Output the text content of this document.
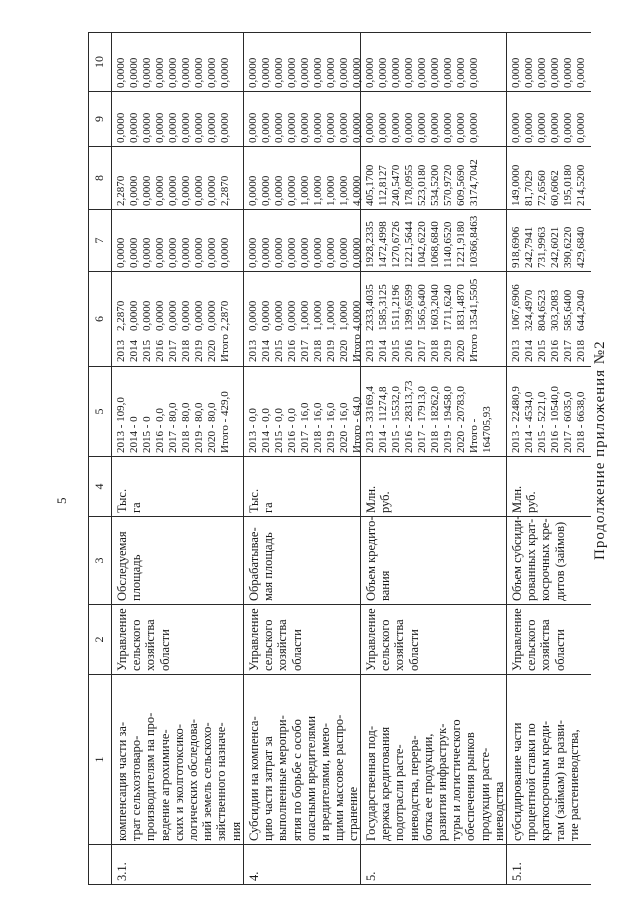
5
1
2
3
4
5
6
7
8
9
10
3.1.
компенсация части за- трат сельхозтоваро- производителям на про- ведение агрохимиче- ских и эколготоксико- логических обследова- ний земель сельскохо- зяйственного назначе- ния
Управление сельского хозяйства области
Обследуемая площадь
Тыс. га
2013 - 109,0 2014 - 0 2015 - 0 2016 - 0,0 2017 - 80,0 2018 - 80,0 2019 - 80,0 2020 - 80,0 Итого - 429,0
2013 2014 2015 2016 2017 2018 2019 2020 Итого
2,2870 0,0000 0,0000 0,0000 0,0000 0,0000 0,0000 0,0000 2,2870
0,0000 0,0000 0,0000 0,0000 0,0000 0,0000 0,0000 0,0000 0,0000
2,2870 0,0000 0,0000 0,0000 0,0000 0,0000 0,0000 0,0000 2,2870
0,0000 0,0000 0,0000 0,0000 0,0000 0,0000 0,0000 0,0000 0,0000
0,0000 0,0000 0,0000 0,0000 0,0000 0,0000 0,0000 0,0000 0,0000
4.
Субсидии на компенса- цию части затрат за выполненные меропри- ятия по борьбе с особо опасными вредителями и вредителями, имею- щими массовое распро- странение
Управление сельского хозяйства области
Обрабатывае- мая площадь
Тыс. га
2013 - 0,0 2014 - 0,0 2015 - 0,0 2016 - 0,0 2017 - 16,0 2018 - 16,0 2019 - 16,0 2020 - 16,0 Итого - 64,0
2013 2014 2015 2016 2017 2018 2019 2020 Итого
0,0000 0,0000 0,0000 0,0000 1,0000 1,0000 1,0000 1,0000 4,0000
0,0000 0,0000 0,0000 0,0000 0,0000 0,0000 0,0000 0,0000 0,0000
0,0000 0,0000 0,0000 0,0000 1,0000 1,0000 1,0000 1,0000 4,0000
0,0000 0,0000 0,0000 0,0000 0,0000 0,0000 0,0000 0,0000 0,0000
0,0000 0,0000 0,0000 0,0000 0,0000 0,0000 0,0000 0,0000 0,0000
5.
Государственная под- держка кредитования подотрасли расте- ниеводства, перера- ботка ее продукции, развития инфраструк- туры и логистического обеспечения рынков продукции расте- ниеводства
Управление сельского хозяйства области
Объем кредито- вания
Млн. руб.
2013 - 33169,4 2014 - 11274,8 2015 - 15532,0 2016 - 28313,73 2017 - 17913,0 2018 - 18262,0 2019 - 19458,0 2020 - 20783,0 Итого - 164705,93
2013 2014 2015 2016 2017 2018 2019 2020 Итого
2333,4035 1585,3125 1511,2196 1399,6599 1565,6400 1603,2040 1711,6240 1831,4870 13541,5505
1928,2335 1472,4998 1270,6726 1221,5644 1042,6220 1068,6840 1140,6520 1221,9180 10366,8463
405,1700 112,8127 240,5470 178,0955 523,0180 534,5200 570,9720 609,5690 3174,7042
0,0000 0,0000 0,0000 0,0000 0,0000 0,0000 0,0000 0,0000 0,0000
0,0000 0,0000 0,0000 0,0000 0,0000 0,0000 0,0000 0,0000 0,0000
5.1.
субсидирование части процентной ставки по краткосрочным креди- там (займам) на разви- тие растениеводства,
Управление сельского хозяйства области
Объем субсиди- рованных крат- косрочных кре- дитов (займов)
Млн. руб.
2013 - 22480,9 2014 - 4534,0 2015 - 5221,0 2016 - 10540,0 2017 - 6035,0 2018 - 6638,0
2013 2014 2015 2016 2017 2018
1067,6906 324,4970 804,6523 303,2083 585,6400 644,2040
918,6906 242,7941 731,9963 242,6021 390,6220 429,6840
149,0000 81,7029 72,6560 60,6062 195,0180 214,5200
0,0000 0,0000 0,0000 0,0000 0,0000 0,0000
0,0000 0,0000 0,0000 0,0000 0,0000 0,0000
Продолжение приложения №2
